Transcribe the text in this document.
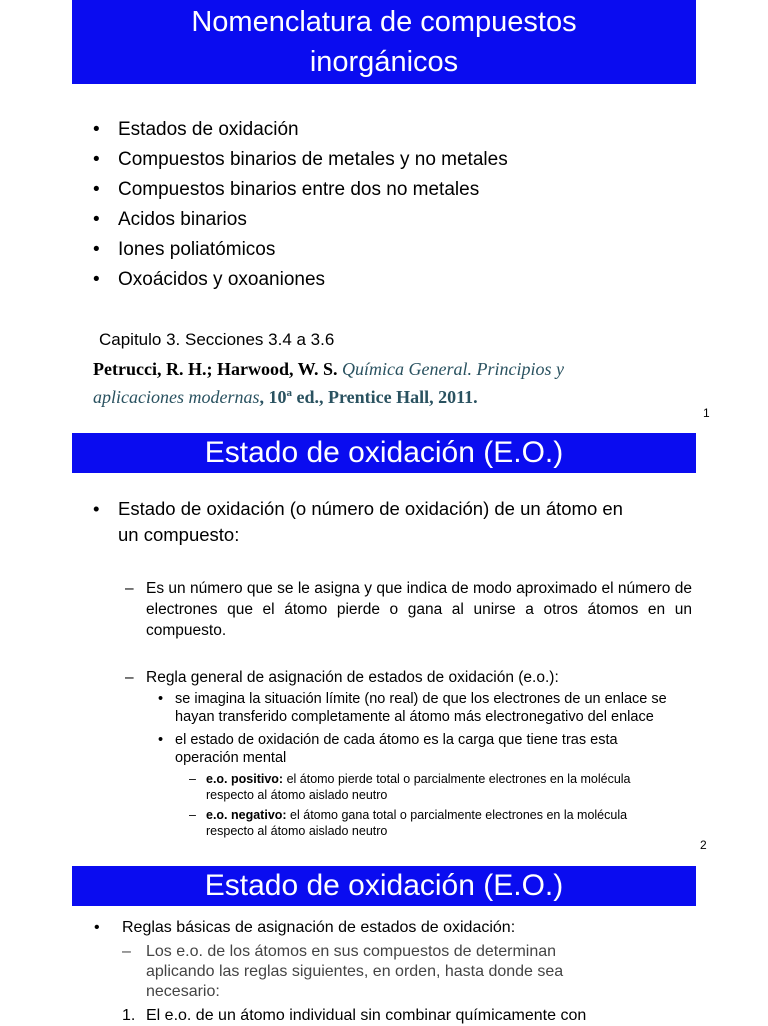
Nomenclatura de compuestos
inorgánicos
• Estados de oxidación
• Compuestos binarios de metales y no metales
• Compuestos binarios entre dos no metales
• Acidos binarios
• Iones poliatómicos
• Oxoácidos y oxoaniones
Capitulo 3. Secciones 3.4 a 3.6
Petrucci, R. H.; Harwood, W. S. Química General. Principios y aplicaciones modernas, 10$^a$ ed., Prentice Hall, 2011.
1
Estado de oxidación (E.O.)
• Estado de oxidación (o número de oxidación) de un átomo en
un compuesto:
– Es un número que se le asigna y que indica de modo aproximado el número de electrones que el átomo pierde o gana al unirse a otros átomos en un compuesto.
– Regla general de asignación de estados de oxidación (e.o.):
• se imagina la situación límite (no real) de que los electrones de un enlace se hayan transferido completamente al átomo más electronegativo del enlace
• el estado de oxidación de cada átomo es la carga que tiene tras esta operación mental
– e.o. positivo: el átomo pierde total o parcialmente electrones en la molécula respecto al átomo aislado neutro
– e.o. negativo: el átomo gana total o parcialmente electrones en la molécula respecto al átomo aislado neutro
2
Estado de oxidación (E.O.)
• Reglas básicas de asignación de estados de oxidación:
– Los e.o. de los átomos en sus compuestos de determinan aplicando las reglas siguientes, en orden, hasta donde sea necesario:
1. El e.o. de un átomo individual sin combinar químicamente con
